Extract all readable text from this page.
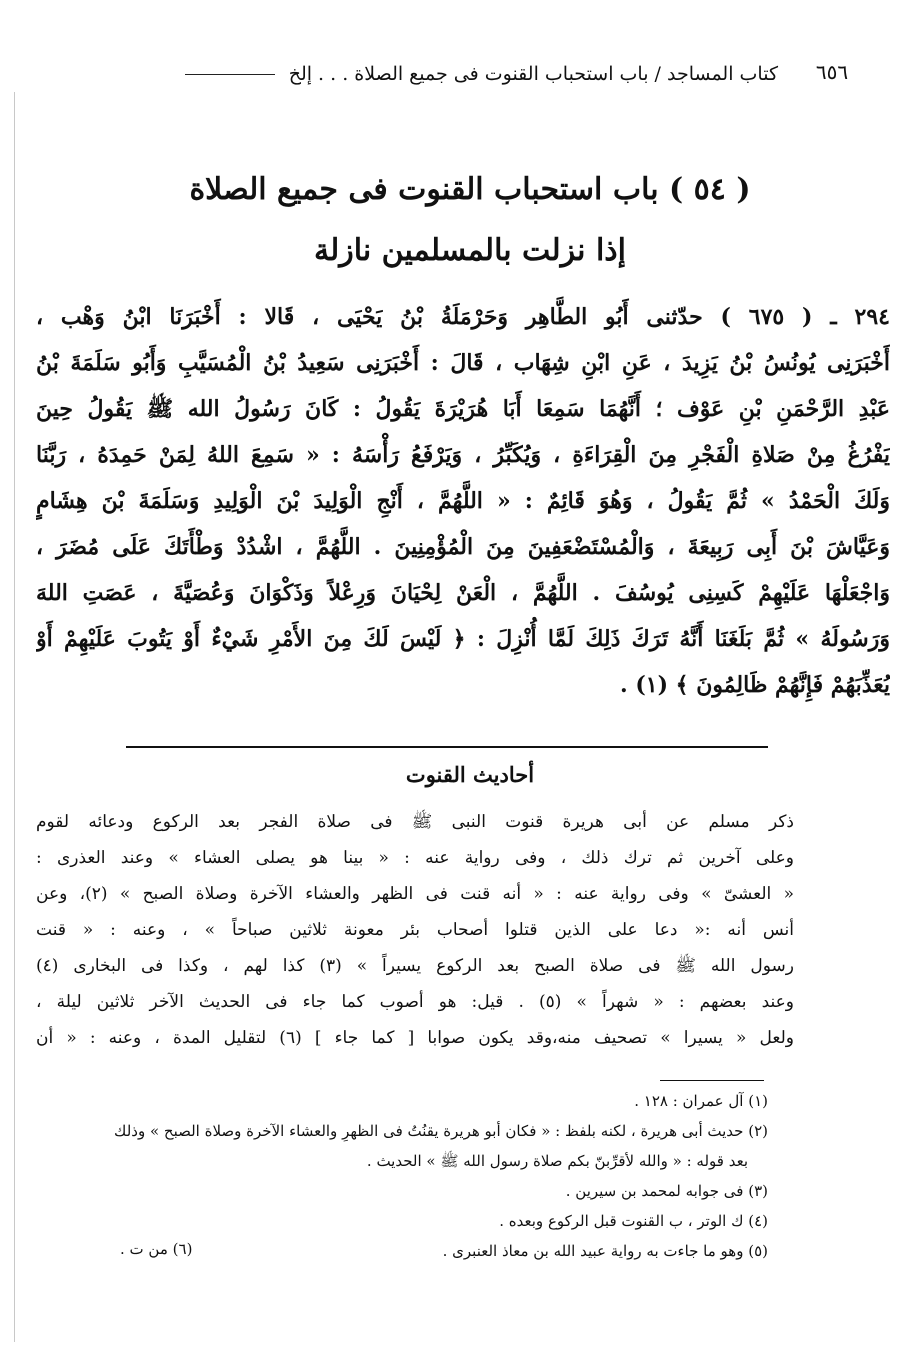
٦٥٦
كتاب المساجد / باب استحباب القنوت فى جميع الصلاة . . . إلخ
( ٥٤ ) باب استحباب القنوت فى جميع الصلاة
إذا نزلت بالمسلمين نازلة
٢٩٤ ـ ( ٦٧٥ ) حدّثنى أَبُو الطَّاهِر وَحَرْمَلَةُ بْنُ يَحْيَى ، قَالا : أَخْبَرَنَا ابْنُ وَهْب ،
أَخْبَرَنِى يُونُسُ بْنُ يَزِيدَ ، عَنِ ابْنِ شِهَاب ، قَالَ : أَخْبَرَنِى سَعِيدُ بْنُ الْمُسَيَّبِ وَأَبُو سَلَمَةَ بْنُ
عَبْدِ الرَّحْمَنِ بْنِ عَوْف ؛ أَنَّهُمَا سَمِعَا أَبَا هُرَيْرَةَ يَقُولُ : كَانَ رَسُولُ الله ﷺ يَقُولُ حِينَ
يَفْرُغُ مِنْ صَلاةِ الْفَجْرِ مِنَ الْقِرَاءَةِ ، وَيُكَبِّرُ ، وَيَرْفَعُ رَأْسَهُ : « سَمِعَ اللهُ لِمَنْ حَمِدَهُ ، رَبَّنَا
وَلَكَ الْحَمْدُ » ثُمَّ يَقُولُ ، وَهُوَ قَائِمٌ : « اللَّهُمَّ ، أَنْجِ الْوَلِيدَ بْنَ الْوَلِيدِ وَسَلَمَةَ بْنَ هِشَامٍ
وَعَيَّاشَ بْنَ أَبِى رَبِيعَةَ ، وَالْمُسْتَضْعَفِينَ مِنَ الْمُؤْمِنِينَ . اللَّهُمَّ ، اشْدُدْ وَطْأَتَكَ عَلَى مُضَرَ ،
وَاجْعَلْهَا عَلَيْهِمْ كَسِنِى يُوسُفَ . اللَّهُمَّ ، الْعَنْ لِحْيَانَ وَرِعْلاً وَذَكْوَانَ وَعُصَيَّةَ ، عَصَتِ اللهَ
وَرَسُولَهُ » ثُمَّ بَلَغَنَا أَنَّهُ تَرَكَ ذَلِكَ لَمَّا أُنْزِلَ : ﴿ لَيْسَ لَكَ مِنَ الأَمْرِ شَيْءٌ أَوْ يَتُوبَ عَلَيْهِمْ أَوْ
يُعَذِّبَهُمْ فَإِنَّهُمْ ظَالِمُونَ ﴾ (١) .
أحاديث القنوت
ذكر مسلم عن أبى هريرة قنوت النبى ﷺ فى صلاة الفجر بعد الركوع ودعائه لقوم
وعلى آخرين ثم ترك ذلك ، وفى رواية عنه : « بينا هو يصلى العشاء » وعند العذرى :
« العشىّ » وفى رواية عنه : « أنه قنت فى الظهر والعشاء الآخرة وصلاة الصبح » (٢)، وعن
أنس أنه :« دعا على الذين قتلوا أصحاب بئر معونة ثلاثين صباحاً » ، وعنه : « قنت
رسول الله ﷺ فى صلاة الصبح بعد الركوع يسيراً » (٣) كذا لهم ، وكذا فى البخارى (٤)
وعند بعضهم : « شهراً » (٥) . قيل: هو أصوب كما جاء فى الحديث الآخر ثلاثين ليلة ،
ولعل « يسيرا » تصحيف منه،وقد يكون صوابا [ كما جاء ] (٦) لتقليل المدة ، وعنه : « أن
(١) آل عمران : ١٢٨ .
(٢) حديث أبى هريرة ، لكنه بلفظ : « فكان أبو هريرة يقنُتُ فى الظهرِ والعشاء الآخرة وصلاة الصبح » وذلك
بعد قوله : « والله لأقرِّبنّ بكم صلاة رسول الله ﷺ » الحديث .
(٣) فى جوابه لمحمد بن سيرين .
(٤) ك الوتر ، ب القنوت قبل الركوع وبعده .
(٥) وهو ما جاءت به رواية عبيد الله بن معاذ العنبرى .
(٦) من ت .
